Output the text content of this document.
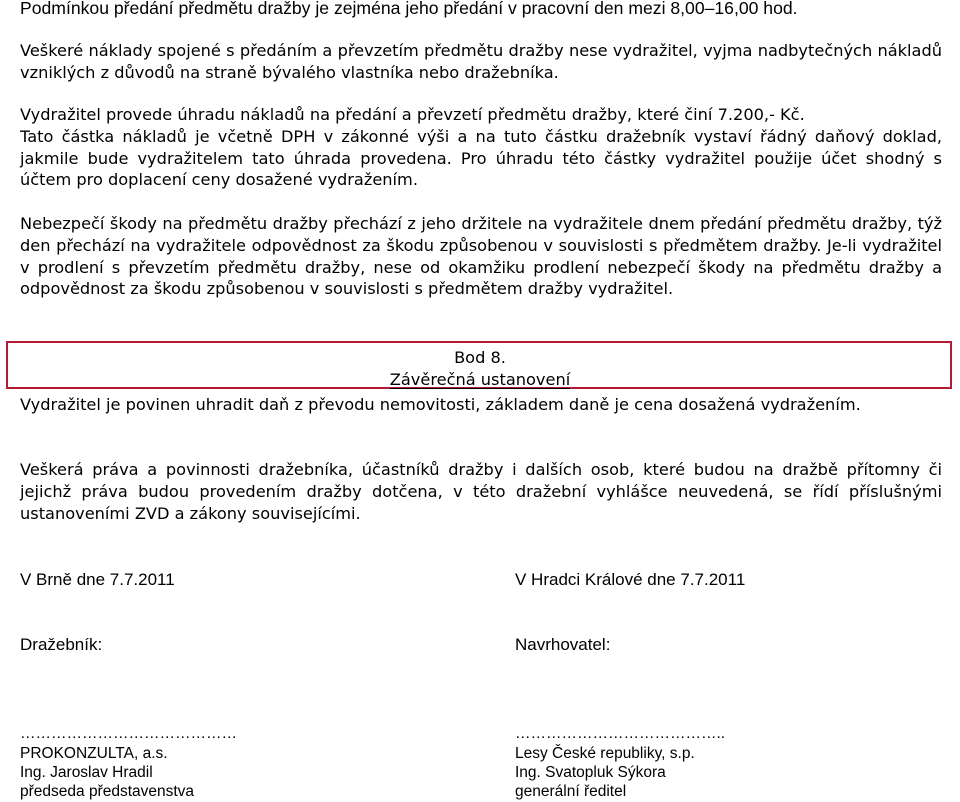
Podmínkou předání předmětu dražby je zejména jeho předání v pracovní den mezi 8,00–16,00 hod.
Veškeré náklady spojené s předáním a převzetím předmětu dražby nese vydražitel, vyjma nadbytečných nákladů vzniklých z důvodů na straně bývalého vlastníka nebo dražebníka.
Vydražitel provede úhradu nákladů na předání a převzetí předmětu dražby, které činí 7.200,- Kč.
Tato částka nákladů je včetně DPH v zákonné výši a na tuto částku dražebník vystaví řádný daňový doklad, jakmile bude vydražitelem tato úhrada provedena. Pro úhradu této částky vydražitel použije účet shodný s účtem pro doplacení ceny dosažené vydražením.
Nebezpečí škody na předmětu dražby přechází z jeho držitele na vydražitele dnem předání předmětu dražby, týž den přechází na vydražitele odpovědnost za škodu způsobenou v souvislosti s předmětem dražby. Je-li vydražitel v prodlení s převzetím předmětu dražby, nese od okamžiku prodlení nebezpečí škody na předmětu dražby a odpovědnost za škodu způsobenou v souvislosti s předmětem dražby vydražitel.
Bod 8.
Závěrečná ustanovení
Vydražitel je povinen uhradit daň z převodu nemovitosti, základem daně je cena dosažená vydražením.
Veškerá práva a povinnosti dražebníka, účastníků dražby i dalších osob, které budou na dražbě přítomny či jejichž práva budou provedením dražby dotčena, v této dražební vyhlášce neuvedená, se řídí příslušnými ustanoveními ZVD a zákony souvisejícími.
V Brně dne 7.7.2011	V Hradci Králové dne 7.7.2011
Dražebník:	Navrhovatel:
……………………………………	…………………………………..
PROKONZULTA, a.s.	Lesy České republiky, s.p.
Ing. Jaroslav Hradil	Ing. Svatopluk Sýkora
předseda představenstva	generální ředitel
